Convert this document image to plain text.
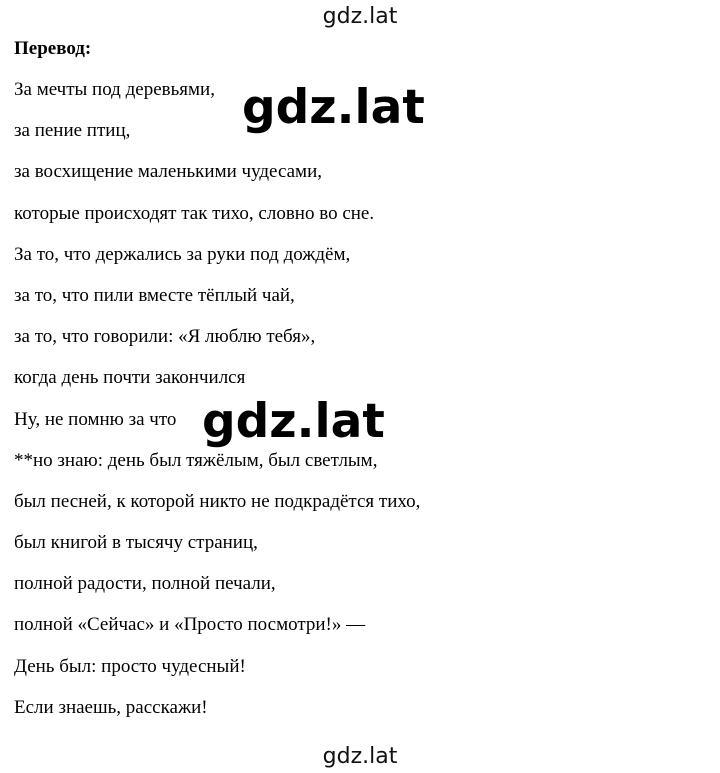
gdz.lat
Перевод:
За мечты под деревьями,
за пение птиц,
за восхищение маленькими чудесами,
которые происходят так тихо, словно во сне.
За то, что держались за руки под дождём,
за то, что пили вместе тёплый чай,
за то, что говорили: «Я люблю тебя»,
когда день почти закончился
Ну, не помню за что
**но знаю: день был тяжёлым, был светлым,
был песней, к которой никто не подкрадётся тихо,
был книгой в тысячу страниц,
полной радости, полной печали,
полной «Сейчас» и «Просто посмотри!» —
День был: просто чудесный!
Если знаешь, расскажи!
gdz.lat
gdz.lat
gdz.lat
